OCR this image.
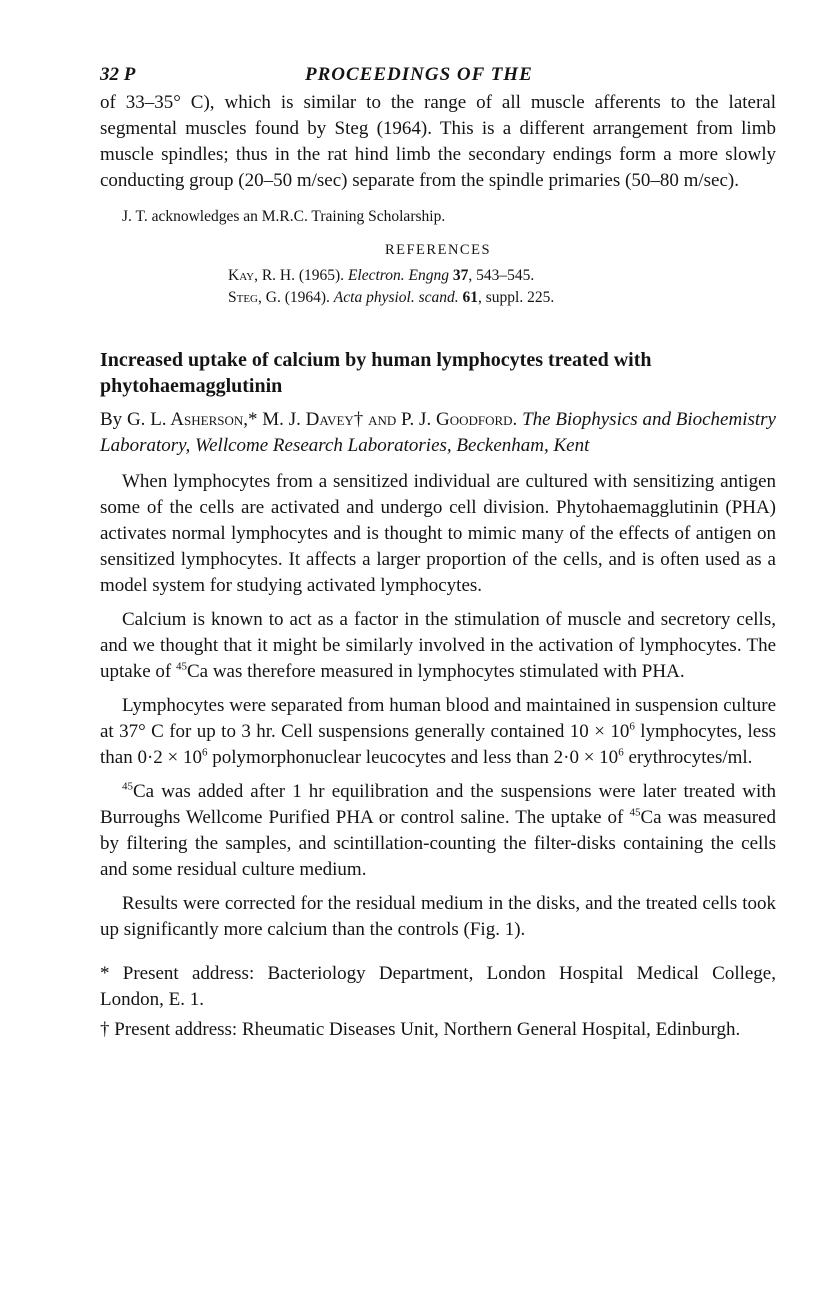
32 P	PROCEEDINGS OF THE

of 33–35° C), which is similar to the range of all muscle afferents to the lateral segmental muscles found by Steg (1964). This is a different arrangement from limb muscle spindles; thus in the rat hind limb the secondary endings form a more slowly conducting group (20–50 m/sec) separate from the spindle primaries (50–80 m/sec).

J. T. acknowledges an M.R.C. Training Scholarship.

REFERENCES
Kay, R. H. (1965). Electron. Engng 37, 543–545.
Steg, G. (1964). Acta physiol. scand. 61, suppl. 225.
Increased uptake of calcium by human lymphocytes treated with phytohaemagglutinin

By G. L. Asherson,* M. J. Davey† and P. J. Goodford. The Biophysics and Biochemistry Laboratory, Wellcome Research Laboratories, Beckenham, Kent

When lymphocytes from a sensitized individual are cultured with sensitizing antigen some of the cells are activated and undergo cell division. Phytohaemagglutinin (PHA) activates normal lymphocytes and is thought to mimic many of the effects of antigen on sensitized lymphocytes. It affects a larger proportion of the cells, and is often used as a model system for studying activated lymphocytes.

Calcium is known to act as a factor in the stimulation of muscle and secretory cells, and we thought that it might be similarly involved in the activation of lymphocytes. The uptake of $^{45}$Ca was therefore measured in lymphocytes stimulated with PHA.

Lymphocytes were separated from human blood and maintained in suspension culture at 37° C for up to 3 hr. Cell suspensions generally contained $10 \times 10^6$ lymphocytes, less than $0\cdot 2 \times 10^6$ polymorphonuclear leucocytes and less than $2\cdot 0 \times 10^6$ erythrocytes/ml.

$^{45}$Ca was added after 1 hr equilibration and the suspensions were later treated with Burroughs Wellcome Purified PHA or control saline. The uptake of $^{45}$Ca was measured by filtering the samples, and scintillation-counting the filter-disks containing the cells and some residual culture medium.

Results were corrected for the residual medium in the disks, and the treated cells took up significantly more calcium than the controls (Fig. 1).

* Present address: Bacteriology Department, London Hospital Medical College, London, E. 1.

† Present address: Rheumatic Diseases Unit, Northern General Hospital, Edinburgh.
